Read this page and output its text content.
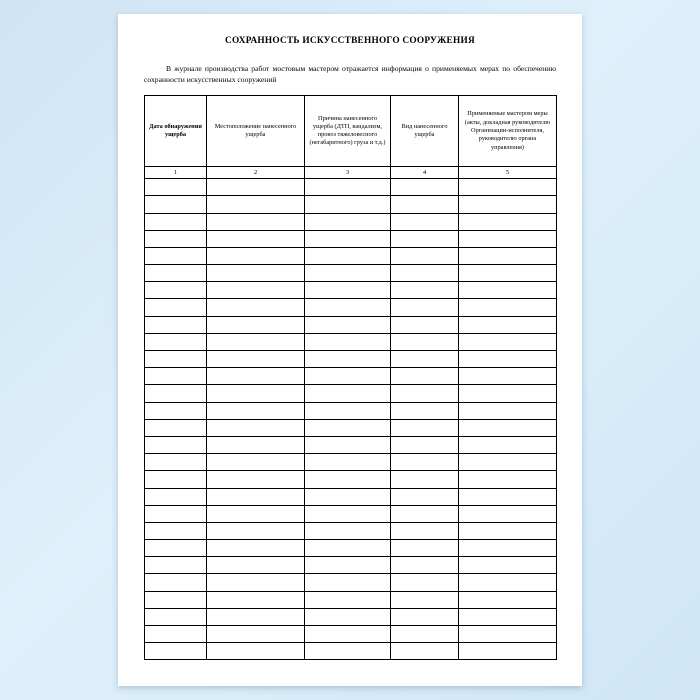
СОХРАННОСТЬ ИСКУССТВЕННОГО СООРУЖЕНИЯ

В журнале производства работ мостовым мастером отражается информация о применяемых мерах по обеспечению сохранности искусственных сооружений

Дата обнаружения ущерба	Местоположение нанесенного ущерба	Причина нанесенного ущерба (ДТП, вандализм, провоз тяжеловесного (негабаритного) груза и т.д.)	Вид нанесенного ущерба	Применяемые мастером меры (акты, докладная руководителю Организации-исполнителя, руководителю органа управления)
1	2	3	4	5
